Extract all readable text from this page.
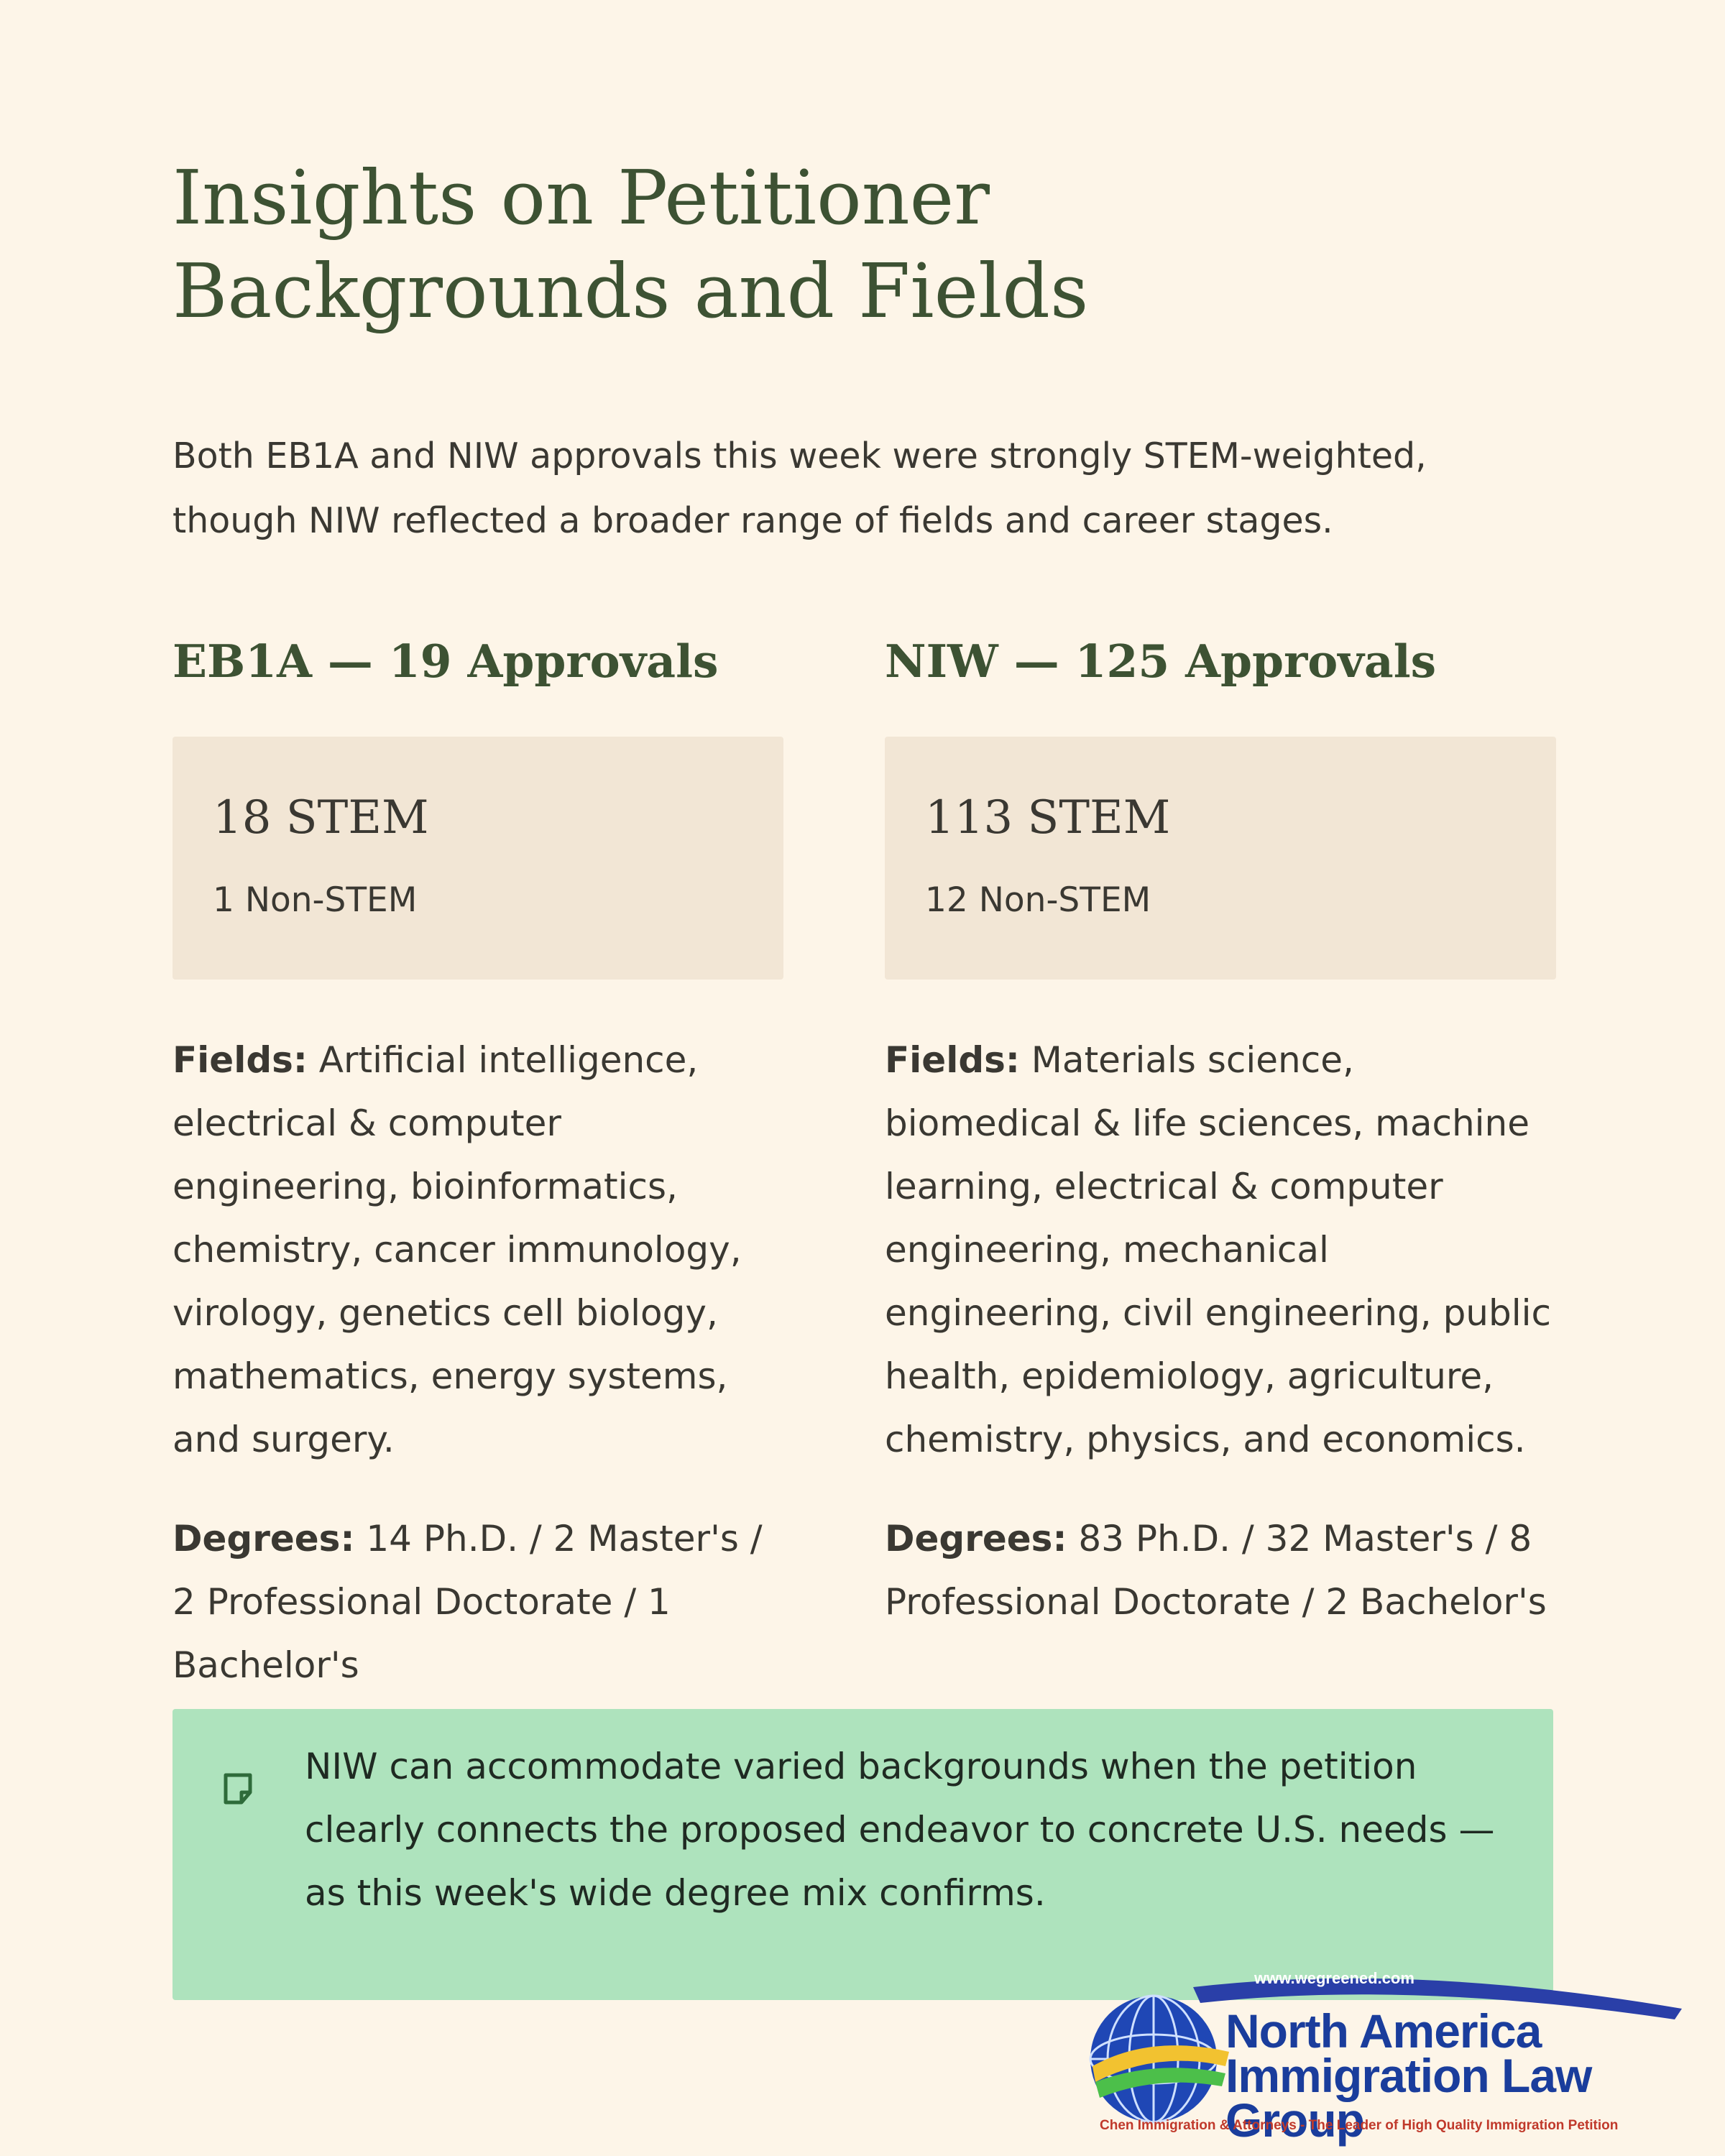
Insights on Petitioner Backgrounds and Fields

Both EB1A and NIW approvals this week were strongly STEM-weighted, though NIW reflected a broader range of fields and career stages.

EB1A — 19 Approvals
18 STEM
1 Non-STEM
Fields: Artificial intelligence, electrical & computer engineering, bioinformatics, chemistry, cancer immunology, virology, genetics cell biology, mathematics, energy systems, and surgery.
Degrees: 14 Ph.D. / 2 Master's / 2 Professional Doctorate / 1 Bachelor's
NIW — 125 Approvals
113 STEM
12 Non-STEM
Fields: Materials science, biomedical & life sciences, machine learning, electrical & computer engineering, mechanical engineering, civil engineering, public health, epidemiology, agriculture, chemistry, physics, and economics.
Degrees: 83 Ph.D. / 32 Master's / 8 Professional Doctorate / 2 Bachelor's
NIW can accommodate varied backgrounds when the petition clearly connects the proposed endeavor to concrete U.S. needs — as this week's wide degree mix confirms.
www.wegreened.com
North America
Immigration Law Group
Chen Immigration & Attorneys - The Leader of High Quality Immigration Petition
